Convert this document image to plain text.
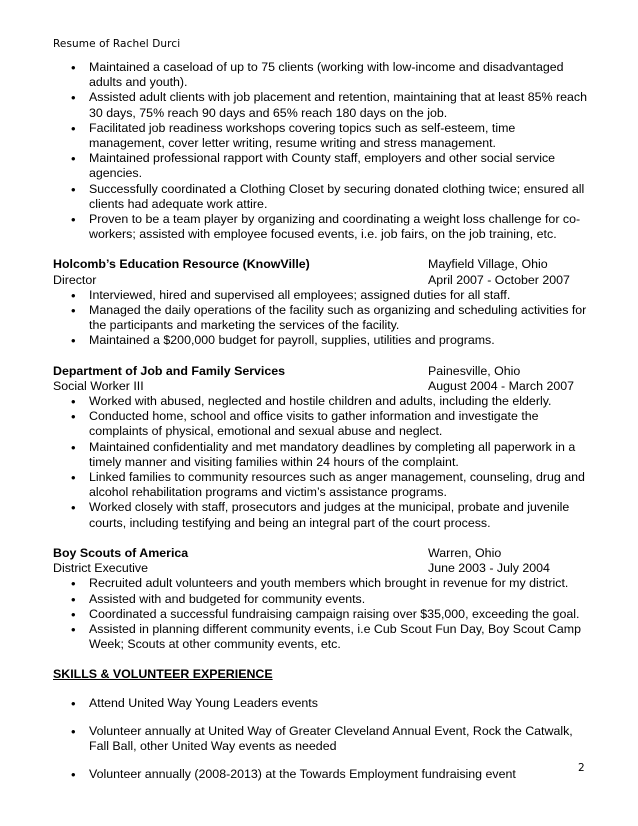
Resume of Rachel Durci
• Maintained a caseload of up to 75 clients (working with low-income and disadvantaged adults and youth).
• Assisted adult clients with job placement and retention, maintaining that at least 85% reach 30 days, 75% reach 90 days and 65% reach 180 days on the job.
• Facilitated job readiness workshops covering topics such as self-esteem, time management, cover letter writing, resume writing and stress management.
• Maintained professional rapport with County staff, employers and other social service agencies.
• Successfully coordinated a Clothing Closet by securing donated clothing twice; ensured all clients had adequate work attire.
• Proven to be a team player by organizing and coordinating a weight loss challenge for co-workers; assisted with employee focused events, i.e. job fairs, on the job training, etc.
Holcomb’s Education Resource (KnowVille)	Mayfield Village, Ohio
Director	April 2007 - October 2007
• Interviewed, hired and supervised all employees; assigned duties for all staff.
• Managed the daily operations of the facility such as organizing and scheduling activities for the participants and marketing the services of the facility.
• Maintained a $200,000 budget for payroll, supplies, utilities and programs.
Department of Job and Family Services	Painesville, Ohio
Social Worker III	August 2004 - March 2007
• Worked with abused, neglected and hostile children and adults, including the elderly.
• Conducted home, school and office visits to gather information and investigate the complaints of physical, emotional and sexual abuse and neglect.
• Maintained confidentiality and met mandatory deadlines by completing all paperwork in a timely manner and visiting families within 24 hours of the complaint.
• Linked families to community resources such as anger management, counseling, drug and alcohol rehabilitation programs and victim’s assistance programs.
• Worked closely with staff, prosecutors and judges at the municipal, probate and juvenile courts, including testifying and being an integral part of the court process.
Boy Scouts of America	Warren, Ohio
District Executive	June 2003 - July 2004
• Recruited adult volunteers and youth members which brought in revenue for my district.
• Assisted with and budgeted for community events.
• Coordinated a successful fundraising campaign raising over $35,000, exceeding the goal.
• Assisted in planning different community events, i.e Cub Scout Fun Day, Boy Scout Camp Week; Scouts at other community events, etc.
SKILLS & VOLUNTEER EXPERIENCE
• Attend United Way Young Leaders events
• Volunteer annually at United Way of Greater Cleveland Annual Event, Rock the Catwalk, Fall Ball, other United Way events as needed
• Volunteer annually (2008-2013) at the Towards Employment fundraising event	2
